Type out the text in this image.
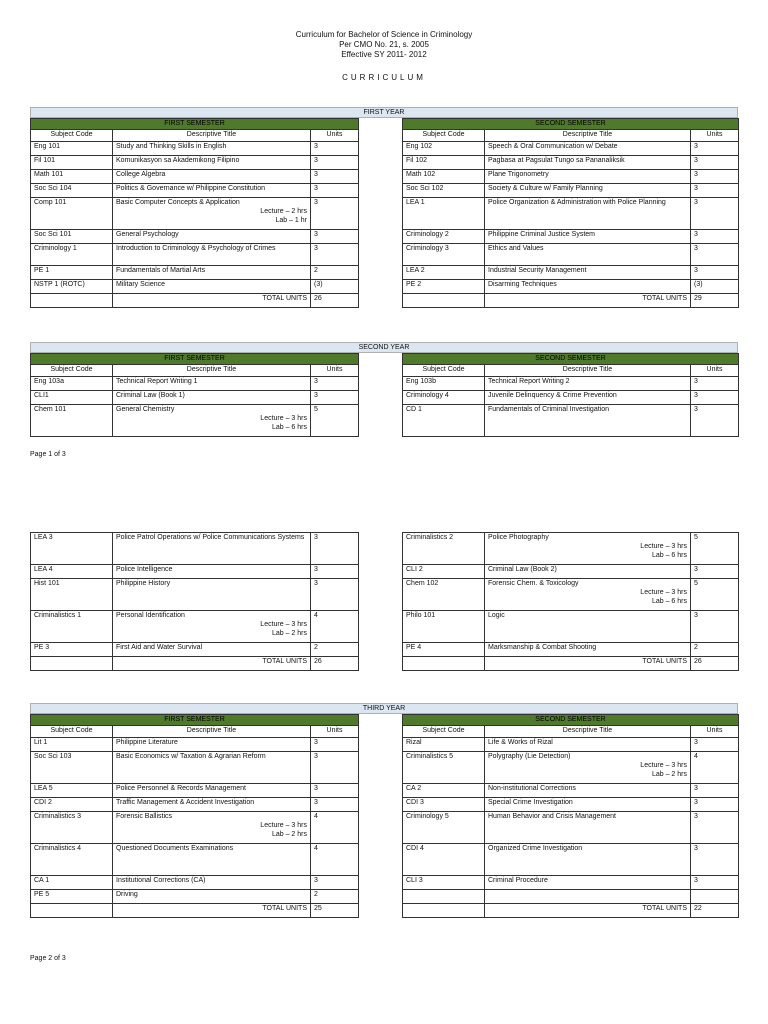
Curriculum for Bachelor of Science in Criminology
Per CMO No. 21, s. 2005
Effective SY 2011- 2012
CURRICULUM
FIRST YEAR
FIRST SEMESTER		
Subject Code	Descriptive Title	Units
Eng 101	Study and Thinking Skills in English	3
Fil 101	Komunikasyon sa Akademikong Filipino	3
Math 101	College Algebra	3
Soc Sci 104	Politics & Governance w/ Philippine Constitution	3
Comp 101	Basic Computer Concepts & Application
Lecture – 2 hrs
Lab – 1 hr	3
Soc Sci 101	General Psychology	3
Criminology 1	Introduction to Criminology & Psychology of Crimes	3
PE 1	Fundamentals of Martial Arts	2
NSTP 1 (ROTC)	Military Science	(3)
	TOTAL UNITS	26
SECOND SEMESTER		
Subject Code	Descriptive Title	Units
Eng 102	Speech & Oral Communication w/ Debate	3
Fil 102	Pagbasa at Pagsulat Tungo sa Pananaliksik	3
Math 102	Plane Trigonometry	3
Soc Sci 102	Society & Culture w/ Family Planning	3
LEA 1	Police Organization & Administration with Police Planning	3
Criminology 2	Philippine Criminal Justice System	3
Criminology 3	Ethics and Values	3
LEA 2	Industrial Security Management	3
PE 2	Disarming Techniques	(3)
	TOTAL UNITS	29
SECOND YEAR
FIRST SEMESTER		
Subject Code	Descriptive Title	Units
Eng 103a	Technical Report Writing 1	3
CLI1	Criminal Law (Book 1)	3
Chem 101	General Chemistry
Lecture – 3 hrs
Lab – 6 hrs	5
SECOND SEMESTER		
Subject Code	Descriptive Title	Units
Eng 103b	Technical Report Writing 2	3
Criminology 4	Juvenile Delinquency & Crime Prevention	3
CD 1	Fundamentals of Criminal Investigation	3
Page 1 of 3
LEA 3	Police Patrol Operations w/ Police Communications Systems	3
LEA 4	Police Intelligence	3
Hist 101	Philippine History	3
Criminalistics 1	Personal Identification
Lecture – 3 hrs
Lab – 2 hrs	4
PE 3	First Aid and Water Survival	2
	TOTAL UNITS	26
Criminalistics 2	Police Photography
Lecture – 3 hrs
Lab – 6 hrs	5
CLI 2	Criminal Law (Book 2)	3
Chem 102	Forensic Chem. & Toxicology
Lecture – 3 hrs
Lab – 6 hrs	5
Philo 101	Logic	3
PE 4	Marksmanship & Combat Shooting	2
	TOTAL UNITS	26
THIRD YEAR
FIRST SEMESTER		
Subject Code	Descriptive Title	Units
Lit 1	Philippine Literature	3
Soc Sci 103	Basic Economics w/ Taxation & Agrarian Reform	3
LEA 5	Police Personnel & Records Management	3
CDI 2	Traffic Management & Accident Investigation	3
Criminalistics 3	Forensic Ballistics
Lecture – 3 hrs
Lab – 2 hrs	4
Criminalistics 4	Questioned Documents Examinations	4
CA 1	Institutional Corrections (CA)	3
PE 5	Driving	2
	TOTAL UNITS	25
SECOND SEMESTER		
Subject Code	Descriptive Title	Units
Rizal	Life & Works of Rizal	3
Criminalistics 5	Polygraphy (Lie Detection)
Lecture – 3 hrs
Lab – 2 hrs	4
CA 2	Non-institutional Corrections	3
CDI 3	Special Crime Investigation	3
Criminology 5	Human Behavior and Crisis Management	3
CDI 4	Organized Crime Investigation	3
CLI 3	Criminal Procedure	3

	TOTAL UNITS	22
Page 2 of 3
